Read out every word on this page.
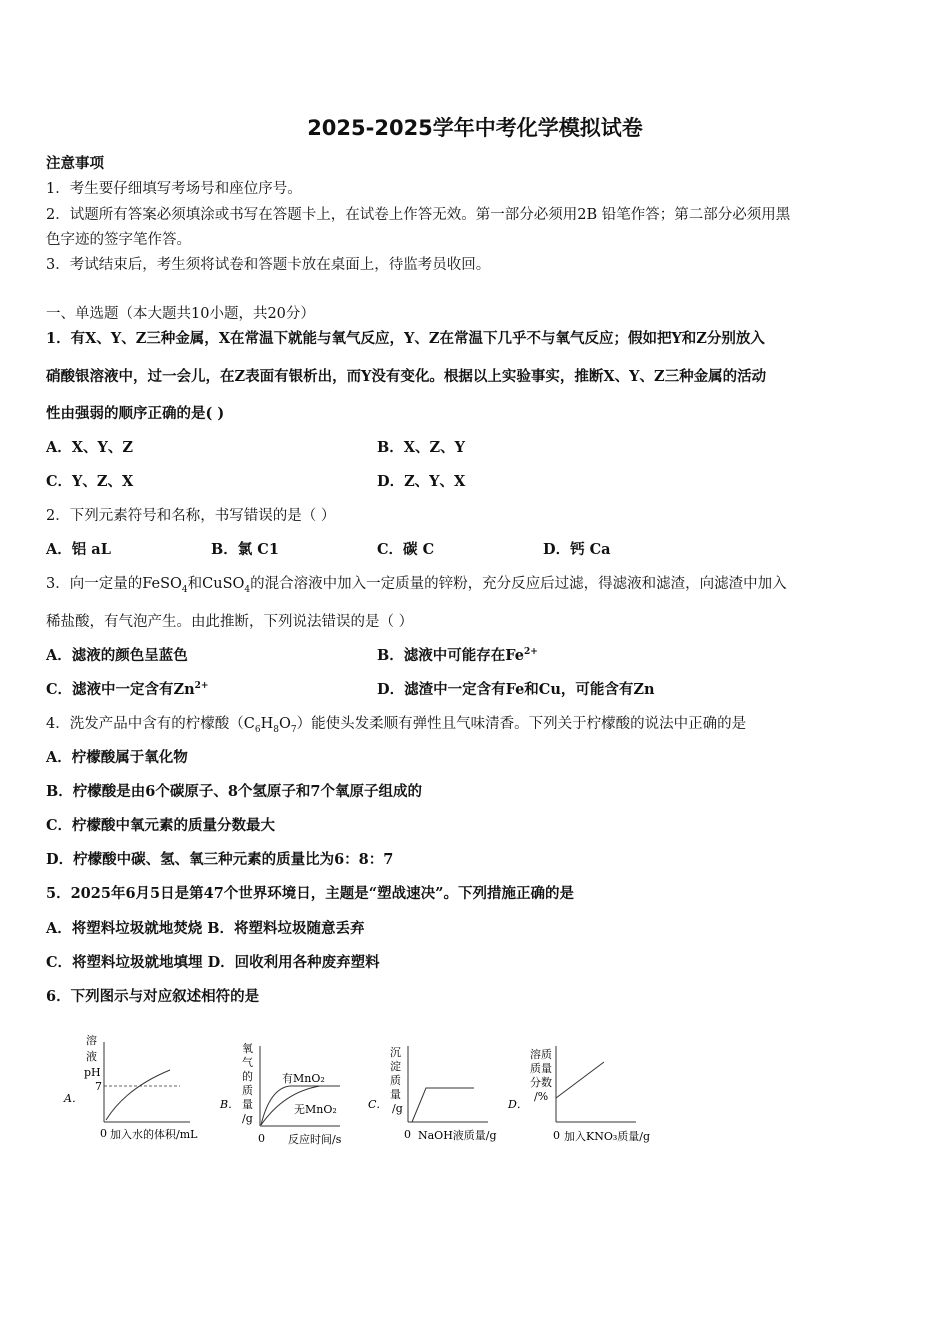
2025-2025学年中考化学模拟试卷
注意事项
1．考生要仔细填写考场号和座位序号。
2．试题所有答案必须填涂或书写在答题卡上，在试卷上作答无效。第一部分必须用2B 铅笔作答；第二部分必须用黑
色字迹的签字笔作答。
3．考试结束后，考生须将试卷和答题卡放在桌面上，待监考员收回。
一、单选题（本大题共10小题，共20分）
1．有X、Y、Z三种金属，X在常温下就能与氧气反应，Y、Z在常温下几乎不与氧气反应；假如把Y和Z分别放入
硝酸银溶液中，过一会儿，在Z表面有银析出，而Y没有变化。根据以上实验事实，推断X、Y、Z三种金属的活动
性由强弱的顺序正确的是( )
A．X、Y、Z	B．X、Z、Y
C．Y、Z、X	D．Z、Y、X
2．下列元素符号和名称，书写错误的是（ ）
A．铝 aL	B．氯 C1	C．碳 C	D．钙 Ca
3．向一定量的FeSO$_4$和CuSO$_4$的混合溶液中加入一定质量的锌粉，充分反应后过滤，得滤液和滤渣，向滤渣中加入
稀盐酸，有气泡产生。由此推断，下列说法错误的是（ ）
A．滤液的颜色呈蓝色	B．滤液中可能存在$Fe^{2+}$
C．滤液中一定含有$Zn^{2+}$	D．滤渣中一定含有Fe和Cu，可能含有Zn
4．洗发产品中含有的柠檬酸$(C_6H_8O_7)$能使头发柔顺有弹性且气味清香。下列关于柠檬酸的说法中正确的是
A．柠檬酸属于氧化物
B．柠檬酸是由6个碳原子、8个氢原子和7个氧原子组成的
C．柠檬酸中氧元素的质量分数最大
D．柠檬酸中碳、氢、氧三种元素的质量比为6：8：7
5．2025年6月5日是第47个世界环境日，主题是“塑战速决”。下列措施正确的是
A．将塑料垃圾就地焚烧 B．将塑料垃圾随意丢弃
C．将塑料垃圾就地填埋 D．回收利用各种废弃塑料
6．下列图示与对应叙述相符的是
A．
溶
液
pH
7
0 加入水的体积/mL
B．
氧
气
的
质
量
/g
有MnO₂
无MnO₂
0 反应时间/s
C．
沉
淀
质
量
/g
0 NaOH液质量/g
D．
溶质
质量
分数
/%
0 加入KNO₃质量/g
